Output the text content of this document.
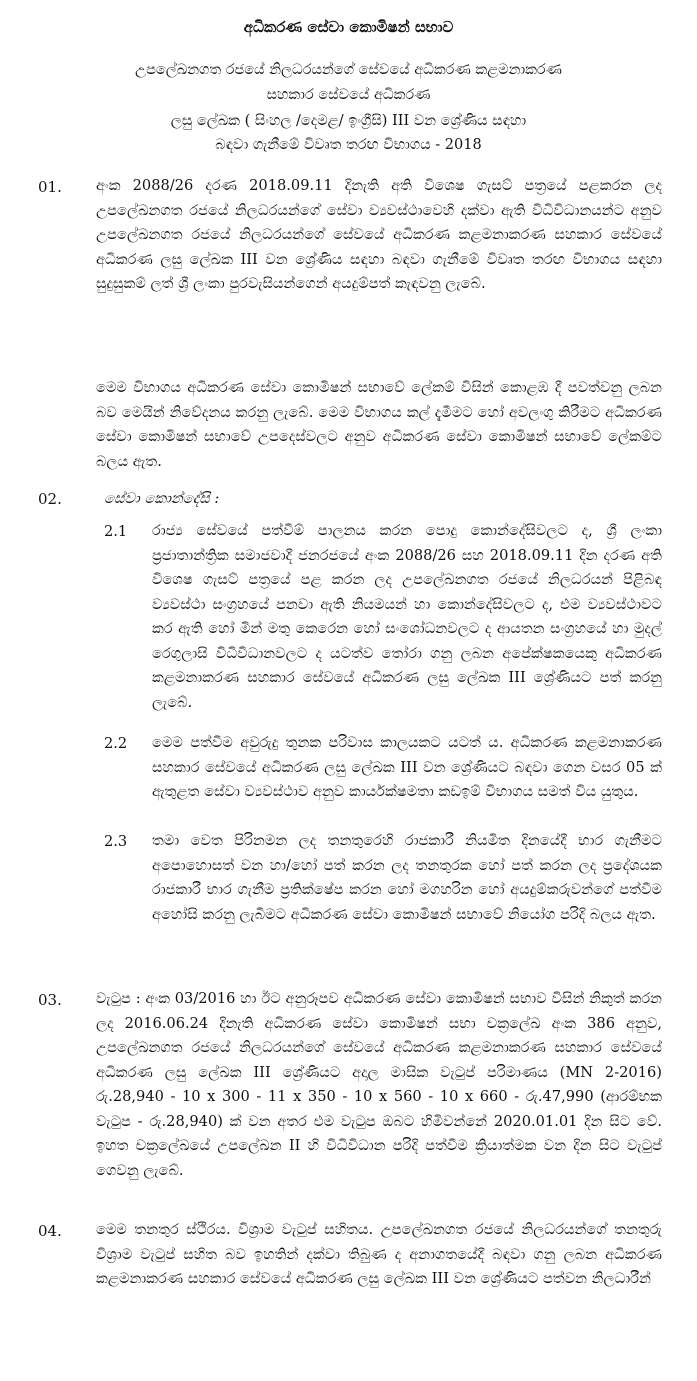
අධිකරණ සේවා කොමිෂන් සභාව
උපලේඛනගත රජයේ නිලධරයන්ගේ සේවයේ අධිකරණ කළමනාකරණ
සහකාර සේවයේ අධිකරණ
ලසු ලේඛක ( සිංහල /දෙමළ/ ඉංග්‍රීසි) III වන ශ්‍රේණිය සඳහා
බඳවා ගැනීමේ විවෘත තරඟ විභාගය - 2018
01. අංක 2088/26 දරණ 2018.09.11 දිනැති අති විශෙෂ ගැසට් පත්‍රයේ පළකරන ලද උපලේඛනගත රජයේ නිලධරයන්ගේ සේවා ව්‍යවස්ථාවෙහි දක්වා ඇති විධිවිධානයන්ට අනුව උපලේඛනගත රජයේ නිලධරයන්ගේ සේවයේ අධිකරණ කළමනාකරණ සහකාර සේවයේ අධිකරණ ලසු ලේඛක III වන ශ්‍රේණිය සඳහා බඳවා ගැනීමේ විවෘත තරඟ විභාගය සඳහා සුදුසුකම් ලත් ශ්‍රී ලංකා පුරවැසියන්ගෙන් අයදුම්පත් කැඳවනු ලැබේ.
මෙම විභාගය අධිකරණ සේවා කොමිෂන් සභාවේ ලේකම් විසින් කොළඹ දී පවත්වනු ලබන බව මෙයින් නිවේදනය කරනු ලැබේ. මෙම විභාගය කල් දැමීමට හෝ අවලංගු කිරීමට අධිකරණ සේවා කොමිෂන් සභාවේ උපදෙස්වලට අනුව අධිකරණ සේවා කොමිෂන් සභාවේ ලේකම්ට බලය ඇත.
02.	සේවා කොන්දේසි :
2.1 රාජ්‍ය සේවයේ පත්වීම් පාලනය කරන පොදු කොන්දේසිවලට ද, ශ්‍රී ලංකා ප්‍රජාතාන්ත්‍රික සමාජවාදී ජනරජයේ අංක 2088/26 සහ 2018.09.11 දින දරණ අති විශෙෂ ගැසට් පත්‍රයේ පළ කරන ලද උපලේඛනගත රජයේ නිලධරයන් පිළිබඳ ව්‍යවස්ථා සංග්‍රහයේ පනවා ඇති නියමයන් හා කොන්දේසිවලට ද, එම ව්‍යවස්ථාවට කර ඇති හෝ මින් මතු කෙරෙන හෝ සංශෝධනවලට ද ආයතන සංග්‍රහයේ හා මුදල් රෙගුලාසි විධිවිධානවලට ද යටත්ව තෝරා ගනු ලබන අපේක්ෂකයෙකු අධිකරණ කළමනාකරණ සහකාර සේවයේ අධිකරණ ලසු ලේඛක III ශ්‍රේණියට පත් කරනු ලැබේ.
2.2 මෙම පත්වීම අවුරුදු තුනක පරිවාස කාලයකට යටත් ය. අධිකරණ කළමනාකරණ සහකාර සේවයේ අධිකරණ ලසු ලේඛක III වන ශ්‍රේණියට බඳවා ගෙන වසර 05 ක් ඇතුළත සේවා ව්‍යවස්ථාව අනුව කාර්යක්ෂමතා කඩඉම් විභාගය සමත් විය යුතුය.
2.3 තමා වෙත පිරිනමන ලද තනතුරෙහි රාජකාරී නියමිත දිනයේදී භාර ගැනීමට අපොහොසත් වන හා/හෝ පත් කරන ලද තනතුරක හෝ පත් කරන ලද ප්‍රදේශයක රාජකාරී භාර ගැනීම ප්‍රතික්ෂේප කරන හෝ මගහරින හෝ අයදුම්කරුවන්ගේ පත්වීම අහෝසි කරනු ලැබීමට අධිකරණ සේවා කොමිෂන් සභාවේ නියෝග පරිදි බලය ඇත.
03. වැටුප : අංක 03/2016 හා ඊට අනුරූපව අධිකරණ සේවා කොමිෂන් සභාව විසින් නිකුත් කරන ලද 2016.06.24 දිනැති අධිකරණ සේවා කොමිෂන් සභා චක්‍රලේඛ අංක 386 අනුව, උපලේඛනගත රජයේ නිලධරයන්ගේ සේවයේ අධිකරණ කළමනාකරණ සහකාර සේවයේ අධිකරණ ලසු ලේඛක III ශ්‍රේණියට අදාල මාසික වැටුප් පරිමාණය (MN 2-2016) රු.28,940 - 10 x 300 - 11 x 350 - 10 x 560 - 10 x 660 - රු.47,990 (ආරම්භක වැටුප - රු.28,940) ක් වන අතර එම වැටුප ඔබට හිමිවන්නේ 2020.01.01 දින සිට වේ. ඉහත චක්‍රලේඛයේ උපලේඛන II හි විධිවිධාන පරිදි පත්වීම ක්‍රියාත්මක වන දින සිට වැටුප් ගෙවනු ලැබේ.
04. මෙම තනතුර ස්ථිරය. විශ්‍රාම වැටුප් සහිතය. උපලේඛනගත රජයේ නිලධරයන්ගේ තනතුරු විශ්‍රාම වැටුප් සහිත බව ඉහතින් දක්වා තිබුණ ද අනාගතයේදී බඳවා ගනු ලබන අධිකරණ කළමනාකරණ සහකාර සේවයේ අධිකරණ ලසු ලේඛක III වන ශ්‍රේණියට පත්වන නිලධාරීන්
